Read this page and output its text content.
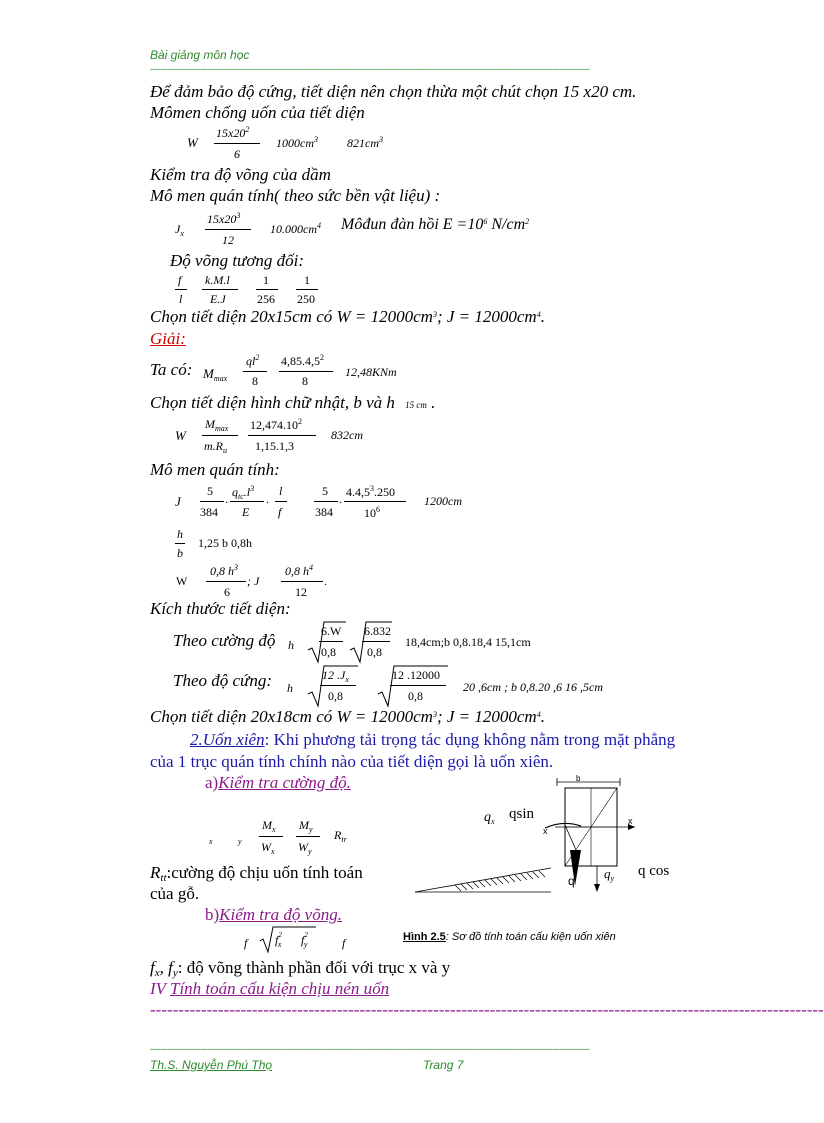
Bài giảng môn học
--------------------------------------------------------------------------------------------------------------------------------------------------------------------------------
Để đảm bảo độ cứng, tiết diện nên chọn thừa một chút chọn 15 x20 cm.
Mômen chống uốn của tiết diện
W
$15x20^2$
6
$1000cm^3$ $821cm^3$
Kiểm tra độ võng của dầm
Mô men quán tính( theo sức bền vật liệu) :
$J_x$
$15x20^3$
12
$10.000cm^4$ Môđun đàn hồi $E =10^6$ $N/cm^2$
Độ võng tương đối:
f
l
k.M.l
E.J
1
256
1
250
Chọn tiết diện 20x15cm có $W = 12000cm^3$; $J = 12000cm^4$.
Giải:
Ta có: $M_{max}$
$ql^2$
8
4,85.4,5$^2$
8
12,48KNm
Chọn tiết diện hình chữ nhật, b và h 15 cm .
W
$M_{max}$
$m.R_u$
12,474.10$^2$
1,15.1,3
832cm
Mô men quán tính:
J
5
384
. $q_{tc}.l^3$
E
.
l
f
5
384
. 4.4,5$^3$.250
$10^6$
1200cm
h
b
1,25 b 0,8h
W
0,8 $h^3$
6
; J
0,8 $h^4$
12
.
Kích thước tiết diện:
Theo cường độ h
6.W
0,8
6.832
0,8
18,4cm;b 0,8.18,4 15,1cm
Theo độ cứng: h
12 $.J_x$
0,8
12 .12000
0,8
20 ,6cm ; b 0,8.20 ,6 16 ,5cm
Chọn tiết diện 20x18cm có $W = 12000cm^3$; $J = 12000cm^4$.
2.Uốn xiên: Khi phương tải trọng tác dụng không nằm trong mặt phẳng
của 1 trục quán tính chính nào của tiết diện gọi là uốn xiên.
a)Kiểm tra cường độ.
x	y
$M_x$
$W_x$
$M_y$
$W_y$
$R_{tr}$
Rtt:cường độ chịu uốn tính toán
của gỗ.
b)Kiểm tra độ võng.
f $f^2_x$ $f^2_y$	f
$q_x$ qsin
b
x
x
q $q_y$ q cos
Hình 2.5: Sơ đồ tính toán cấu kiện uốn xiên
fx, fy: độ võng thành phần đối với trục x và y
IV Tính toán cấu kiện chịu nén uốn
-----------------------------------------------------------------------------------------------------------------------
--------------------------------------------------------------------------------------------------------------------------------------------------------------------------------
Th.S. Nguyễn Phú Thọ	Trang 7
